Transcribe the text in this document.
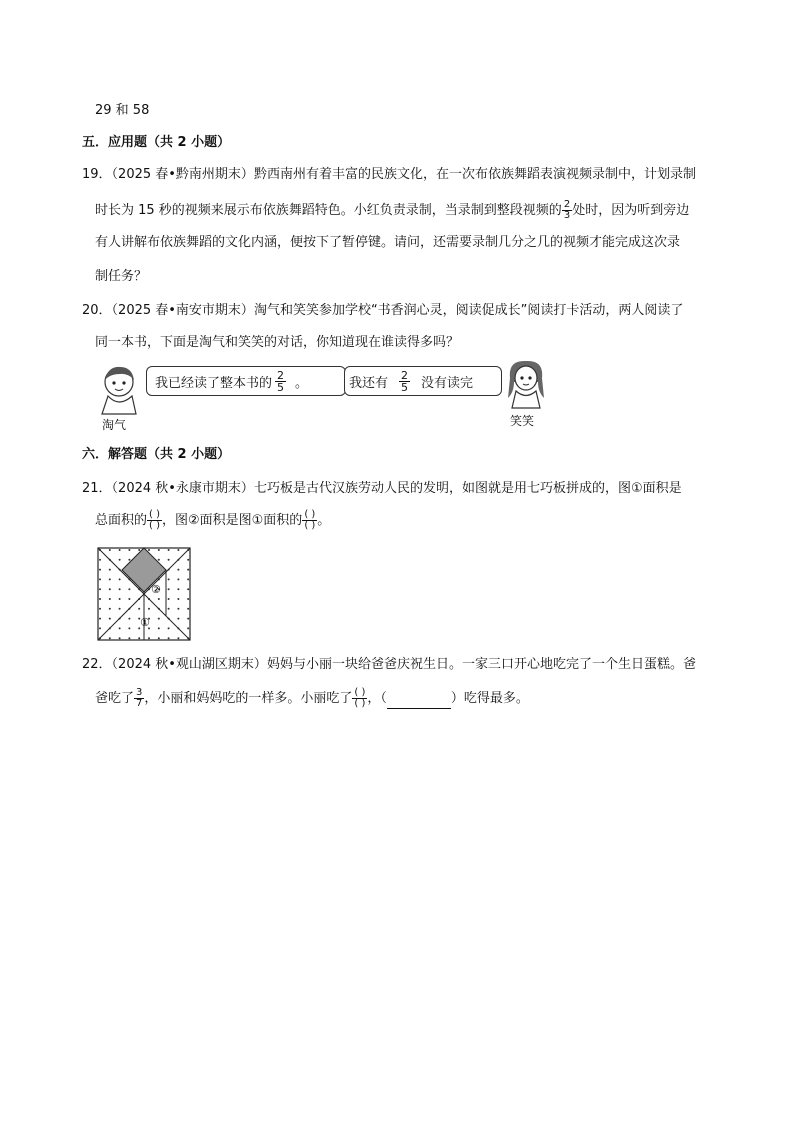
29 和 58
五．应用题（共 2 小题）
19．（2025 春•黔南州期末）黔西南州有着丰富的民族文化，在一次布依族舞蹈表演视频录制中，计划录制
时长为 15 秒的视频来展示布依族舞蹈特色。小红负责录制，当录制到整段视频的 $\frac{2}{3}$ 处时，因为听到旁边
有人讲解布依族舞蹈的文化内涵，便按下了暂停键。请问，还需要录制几分之几的视频才能完成这次录
制任务？
20．（2025 春•南安市期末）淘气和笑笑参加学校“书香润心灵，阅读促成长”阅读打卡活动，两人阅读了
同一本书，下面是淘气和笑笑的对话，你知道现在谁读得多吗？
淘气
我已经读了整本书的 $\frac{2}{5}$ 。	我还有 $\frac{2}{5}$ 没有读完
笑笑
六．解答题（共 2 小题）
21．（2024 秋•永康市期末）七巧板是古代汉族劳动人民的发明，如图就是用七巧板拼成的，图①面积是
总面积的 $\frac{( )}{( )}$ ，图②面积是图①面积的 $\frac{( )}{( )}$ 。
②
①
22．（2024 秋•观山湖区期末）妈妈与小丽一块给爸爸庆祝生日。一家三口开心地吃完了一个生日蛋糕。爸
爸吃了 $\frac{3}{7}$ ，小丽和妈妈吃的一样多。小丽吃了 $\frac{( )}{( )}$ ，（	）吃得最多。
